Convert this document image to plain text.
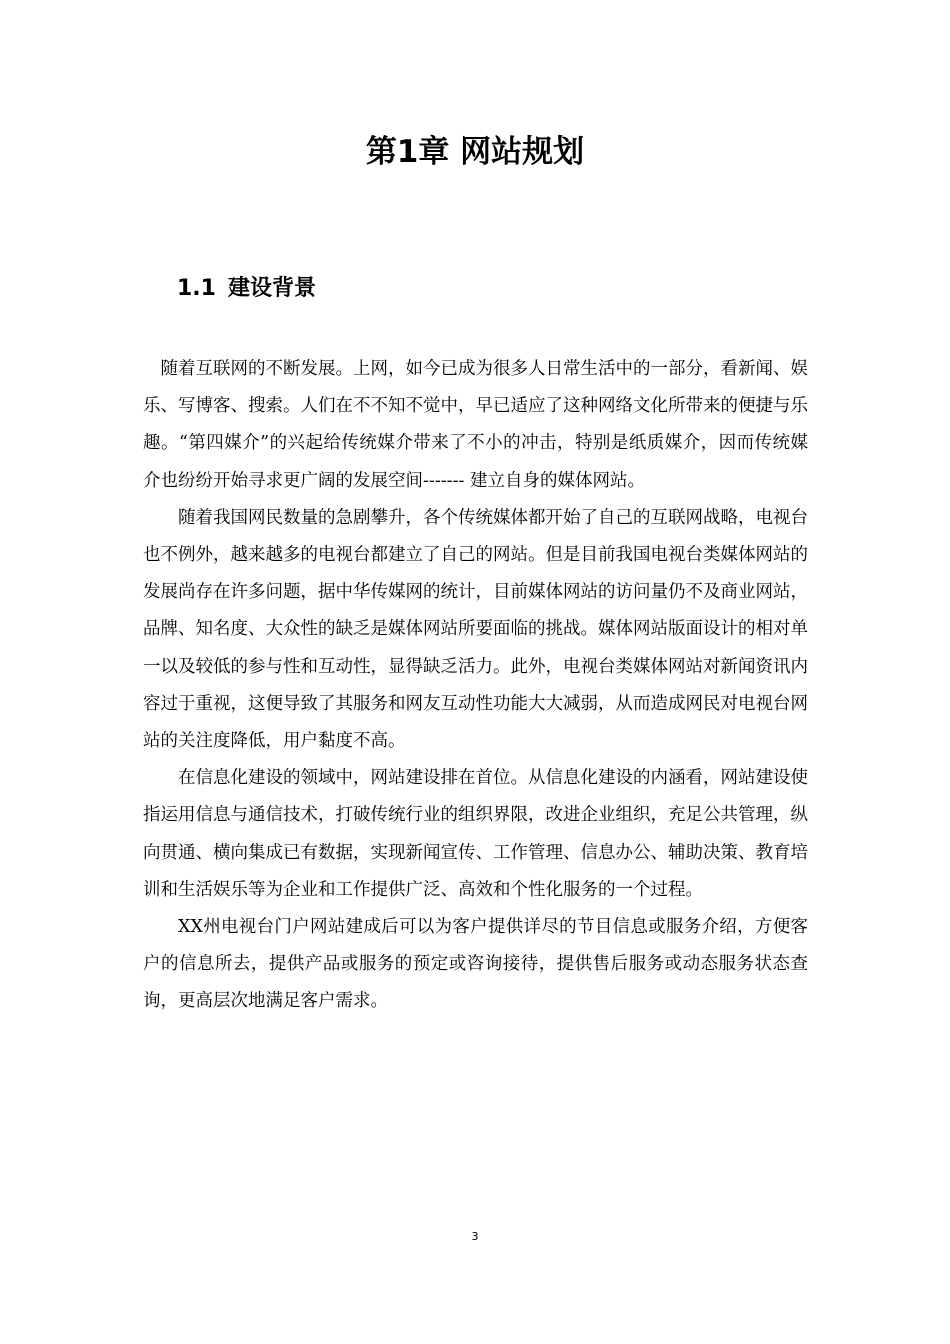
第1章 网站规划
1.1 建设背景

随着互联网的不断发展。上网，如今已成为很多人日常生活中的一部分，看新闻、娱乐、写博客、搜索。人们在不不知不觉中，早已适应了这种网络文化所带来的便捷与乐趣。“第四媒介”的兴起给传统媒介带来了不小的冲击，特别是纸质媒介，因而传统媒介也纷纷开始寻求更广阔的发展空间------- 建立自身的媒体网站。

随着我国网民数量的急剧攀升，各个传统媒体都开始了自己的互联网战略，电视台也不例外，越来越多的电视台都建立了自己的网站。但是目前我国电视台类媒体网站的发展尚存在许多问题，据中华传媒网的统计，目前媒体网站的访问量仍不及商业网站，品牌、知名度、大众性的缺乏是媒体网站所要面临的挑战。媒体网站版面设计的相对单一以及较低的参与性和互动性，显得缺乏活力。此外，电视台类媒体网站对新闻资讯内容过于重视，这便导致了其服务和网友互动性功能大大减弱，从而造成网民对电视台网站的关注度降低，用户黏度不高。

在信息化建设的领域中，网站建设排在首位。从信息化建设的内涵看，网站建设使指运用信息与通信技术，打破传统行业的组织界限，改进企业组织，充足公共管理，纵向贯通、横向集成已有数据，实现新闻宣传、工作管理、信息办公、辅助决策、教育培训和生活娱乐等为企业和工作提供广泛、高效和个性化服务的一个过程。

XX州电视台门户网站建成后可以为客户提供详尽的节目信息或服务介绍，方便客户的信息所去，提供产品或服务的预定或咨询接待，提供售后服务或动态服务状态查询，更高层次地满足客户需求。

3
